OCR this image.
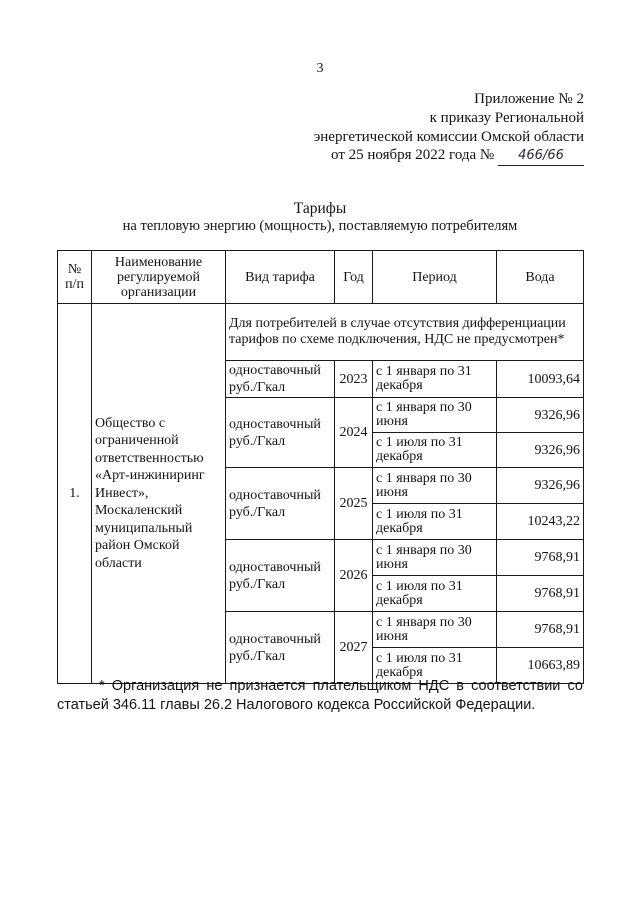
3
Приложение № 2
к приказу Региональной
энергетической комиссии Омской области
от 25 ноября 2022 года № 466/66
Тарифы
на тепловую энергию (мощность), поставляемую потребителям
№ п/п	Наименование регулируемой организации	Вид тарифа	Год	Период	Вода
1.	Общество с ограниченной ответственностью «Арт-инжиниринг Инвест», Москаленский муниципальный район Омской области	Для потребителей в случае отсутствия дифференциации тарифов по схеме подключения, НДС не предусмотрен*			
		одноставочный руб./Гкал	2023	с 1 января по 31 декабря	10093,64
		одноставочный руб./Гкал	2024	с 1 января по 30 июня	9326,96
				с 1 июля по 31 декабря	9326,96
		одноставочный руб./Гкал	2025	с 1 января по 30 июня	9326,96
				с 1 июля по 31 декабря	10243,22
		одноставочный руб./Гкал	2026	с 1 января по 30 июня	9768,91
				с 1 июля по 31 декабря	9768,91
		одноставочный руб./Гкал	2027	с 1 января по 30 июня	9768,91
				с 1 июля по 31 декабря	10663,89
* Организация не признается плательщиком НДС в соответствии со статьей 346.11 главы 26.2 Налогового кодекса Российской Федерации.
